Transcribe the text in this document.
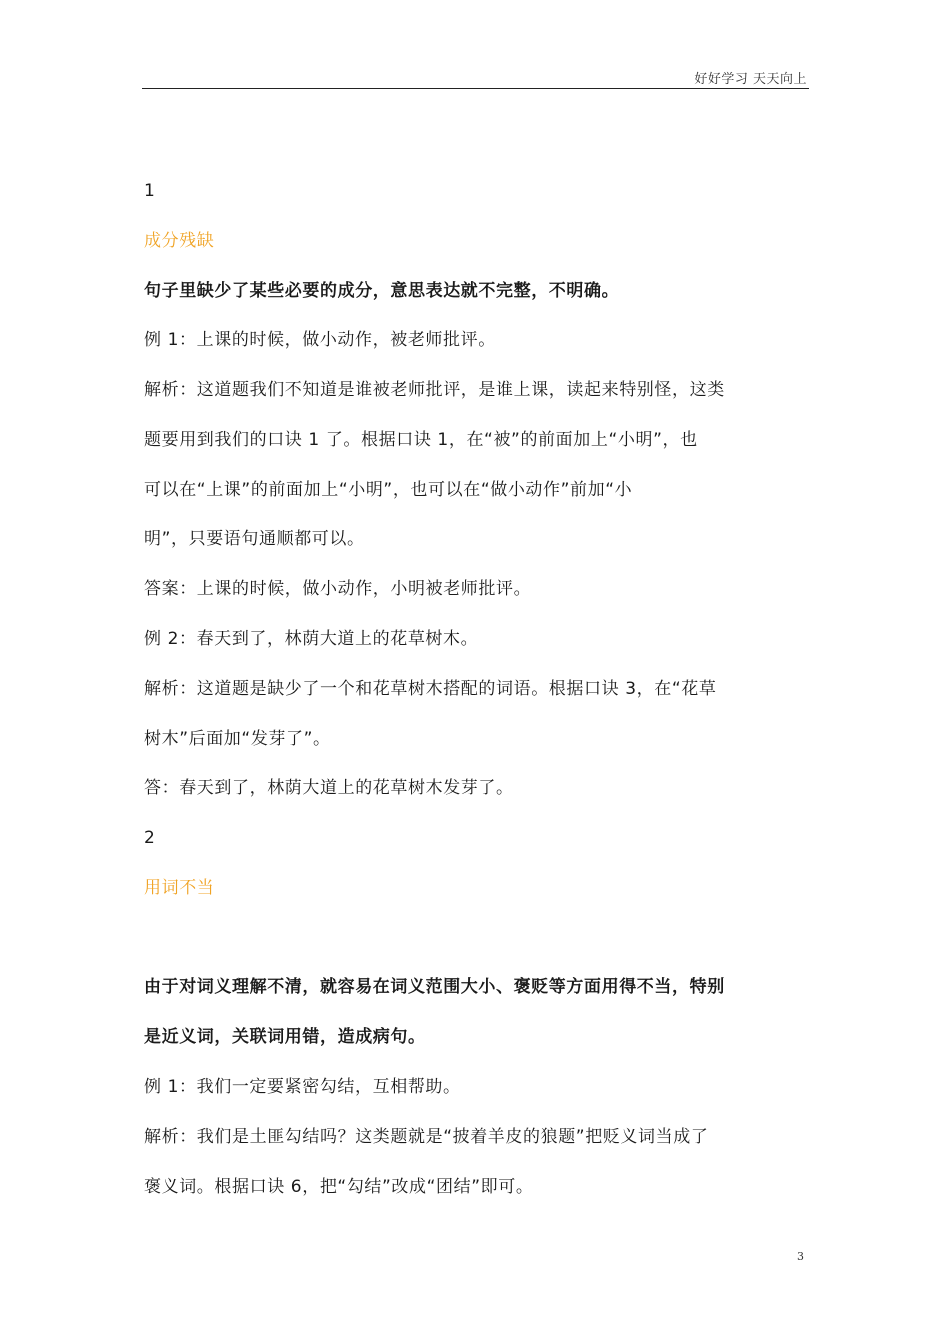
好好学习 天天向上
1
成分残缺
句子里缺少了某些必要的成分，意思表达就不完整，不明确。
例 1：上课的时候，做小动作，被老师批评。
解析：这道题我们不知道是谁被老师批评，是谁上课，读起来特别怪，这类
题要用到我们的口诀 1 了。根据口诀 1，在“被”的前面加上“小明”，也
可以在“上课”的前面加上“小明”，也可以在“做小动作”前加“小
明”，只要语句通顺都可以。
答案：上课的时候，做小动作，小明被老师批评。
例 2：春天到了，林荫大道上的花草树木。
解析：这道题是缺少了一个和花草树木搭配的词语。根据口诀 3，在“花草
树木”后面加“发芽了”。
答：春天到了，林荫大道上的花草树木发芽了。
2
用词不当
由于对词义理解不清，就容易在词义范围大小、褒贬等方面用得不当，特别
是近义词，关联词用错，造成病句。
例 1：我们一定要紧密勾结，互相帮助。
解析：我们是土匪勾结吗？这类题就是“披着羊皮的狼题”把贬义词当成了
褒义词。根据口诀 6，把“勾结”改成“团结”即可。
3
